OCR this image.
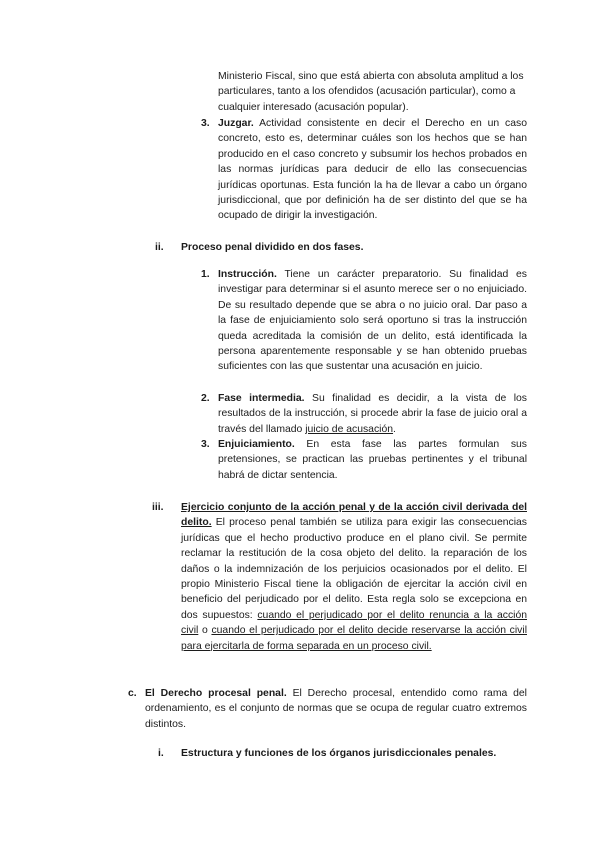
Ministerio Fiscal, sino que está abierta con absoluta amplitud a los particulares, tanto a los ofendidos (acusación particular), como a cualquier interesado (acusación popular).

3. Juzgar. Actividad consistente en decir el Derecho en un caso concreto, esto es, determinar cuáles son los hechos que se han producido en el caso concreto y subsumir los hechos probados en las normas jurídicas para deducir de ello las consecuencias jurídicas oportunas. Esta función la ha de llevar a cabo un órgano jurisdiccional, que por definición ha de ser distinto del que se ha ocupado de dirigir la investigación.

ii. Proceso penal dividido en dos fases.

1. Instrucción. Tiene un carácter preparatorio. Su finalidad es investigar para determinar si el asunto merece ser o no enjuiciado. De su resultado depende que se abra o no juicio oral. Dar paso a la fase de enjuiciamiento solo será oportuno si tras la instrucción queda acreditada la comisión de un delito, está identificada la persona aparentemente responsable y se han obtenido pruebas suficientes con las que sustentar una acusación en juicio.

2. Fase intermedia. Su finalidad es decidir, a la vista de los resultados de la instrucción, si procede abrir la fase de juicio oral a través del llamado juicio de acusación.

3. Enjuiciamiento. En esta fase las partes formulan sus pretensiones, se practican las pruebas pertinentes y el tribunal habrá de dictar sentencia.

iii. Ejercicio conjunto de la acción penal y de la acción civil derivada del delito. El proceso penal también se utiliza para exigir las consecuencias jurídicas que el hecho productivo produce en el plano civil. Se permite reclamar la restitución de la cosa objeto del delito. la reparación de los daños o la indemnización de los perjuicios ocasionados por el delito. El propio Ministerio Fiscal tiene la obligación de ejercitar la acción civil en beneficio del perjudicado por el delito. Esta regla solo se excepciona en dos supuestos: cuando el perjudicado por el delito renuncia a la acción civil o cuando el perjudicado por el delito decide reservarse la acción civil para ejercitarla de forma separada en un proceso civil.

c. El Derecho procesal penal. El Derecho procesal, entendido como rama del ordenamiento, es el conjunto de normas que se ocupa de regular cuatro extremos distintos.

i. Estructura y funciones de los órganos jurisdiccionales penales.
